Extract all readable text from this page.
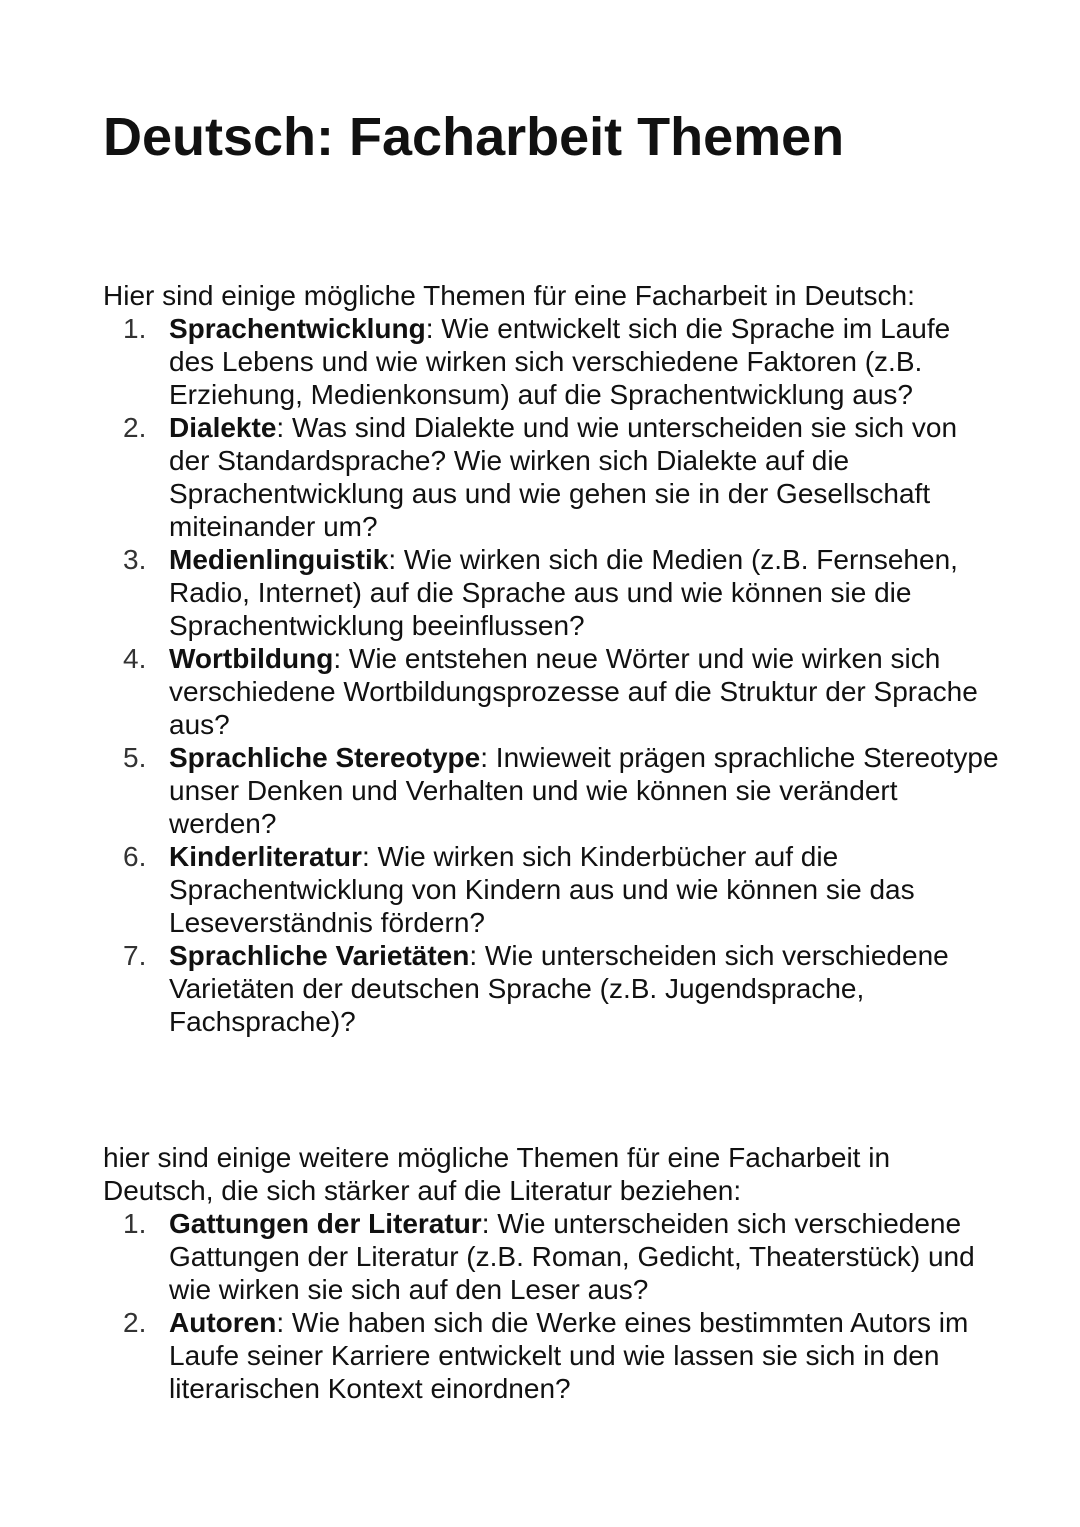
Deutsch: Facharbeit Themen

Hier sind einige mögliche Themen für eine Facharbeit in Deutsch:

1. Sprachentwicklung: Wie entwickelt sich die Sprache im Laufe des Lebens und wie wirken sich verschiedene Faktoren (z.B. Erziehung, Medienkonsum) auf die Sprachentwicklung aus?
2. Dialekte: Was sind Dialekte und wie unterscheiden sie sich von der Standardsprache? Wie wirken sich Dialekte auf die Sprachentwicklung aus und wie gehen sie in der Gesellschaft miteinander um?
3. Medienlinguistik: Wie wirken sich die Medien (z.B. Fernsehen, Radio, Internet) auf die Sprache aus und wie können sie die Sprachentwicklung beeinflussen?
4. Wortbildung: Wie entstehen neue Wörter und wie wirken sich verschiedene Wortbildungsprozesse auf die Struktur der Sprache aus?
5. Sprachliche Stereotype: Inwieweit prägen sprachliche Stereotype unser Denken und Verhalten und wie können sie verändert werden?
6. Kinderliteratur: Wie wirken sich Kinderbücher auf die Sprachentwicklung von Kindern aus und wie können sie das Leseverständnis fördern?
7. Sprachliche Varietäten: Wie unterscheiden sich verschiedene Varietäten der deutschen Sprache (z.B. Jugendsprache, Fachsprache)?

hier sind einige weitere mögliche Themen für eine Facharbeit in

Deutsch, die sich stärker auf die Literatur beziehen:

1. Gattungen der Literatur: Wie unterscheiden sich verschiedene Gattungen der Literatur (z.B. Roman, Gedicht, Theaterstück) und wie wirken sie sich auf den Leser aus?
2. Autoren: Wie haben sich die Werke eines bestimmten Autors im Laufe seiner Karriere entwickelt und wie lassen sie sich in den literarischen Kontext einordnen?
